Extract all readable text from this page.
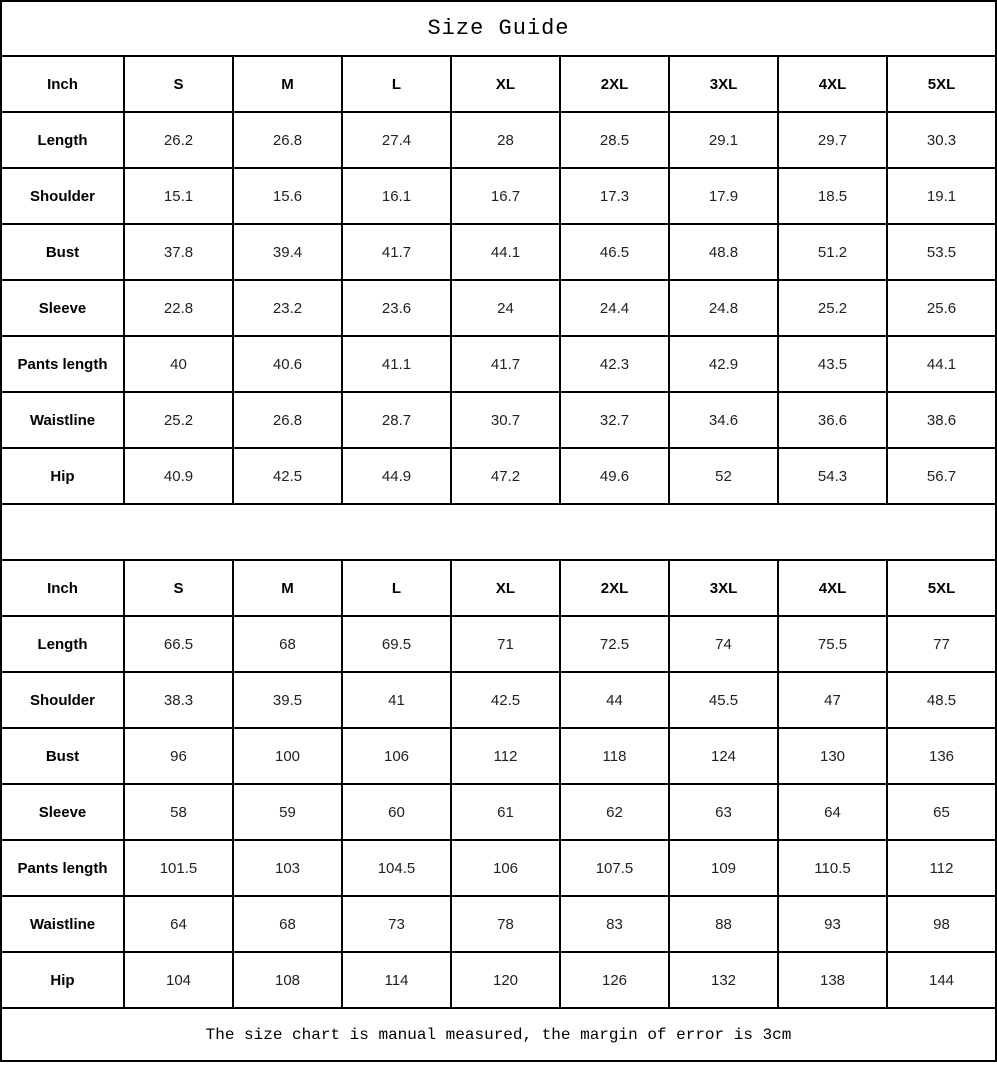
Size Guide
Inch	S	M	L	XL	2XL	3XL	4XL	5XL
Length	26.2	26.8	27.4	28	28.5	29.1	29.7	30.3
Shoulder	15.1	15.6	16.1	16.7	17.3	17.9	18.5	19.1
Bust	37.8	39.4	41.7	44.1	46.5	48.8	51.2	53.5
Sleeve	22.8	23.2	23.6	24	24.4	24.8	25.2	25.6
Pants length	40	40.6	41.1	41.7	42.3	42.9	43.5	44.1
Waistline	25.2	26.8	28.7	30.7	32.7	34.6	36.6	38.6
Hip	40.9	42.5	44.9	47.2	49.6	52	54.3	56.7
Inch	S	M	L	XL	2XL	3XL	4XL	5XL
Length	66.5	68	69.5	71	72.5	74	75.5	77
Shoulder	38.3	39.5	41	42.5	44	45.5	47	48.5
Bust	96	100	106	112	118	124	130	136
Sleeve	58	59	60	61	62	63	64	65
Pants length	101.5	103	104.5	106	107.5	109	110.5	112
Waistline	64	68	73	78	83	88	93	98
Hip	104	108	114	120	126	132	138	144
The size chart is manual measured, the margin of error is 3cm
